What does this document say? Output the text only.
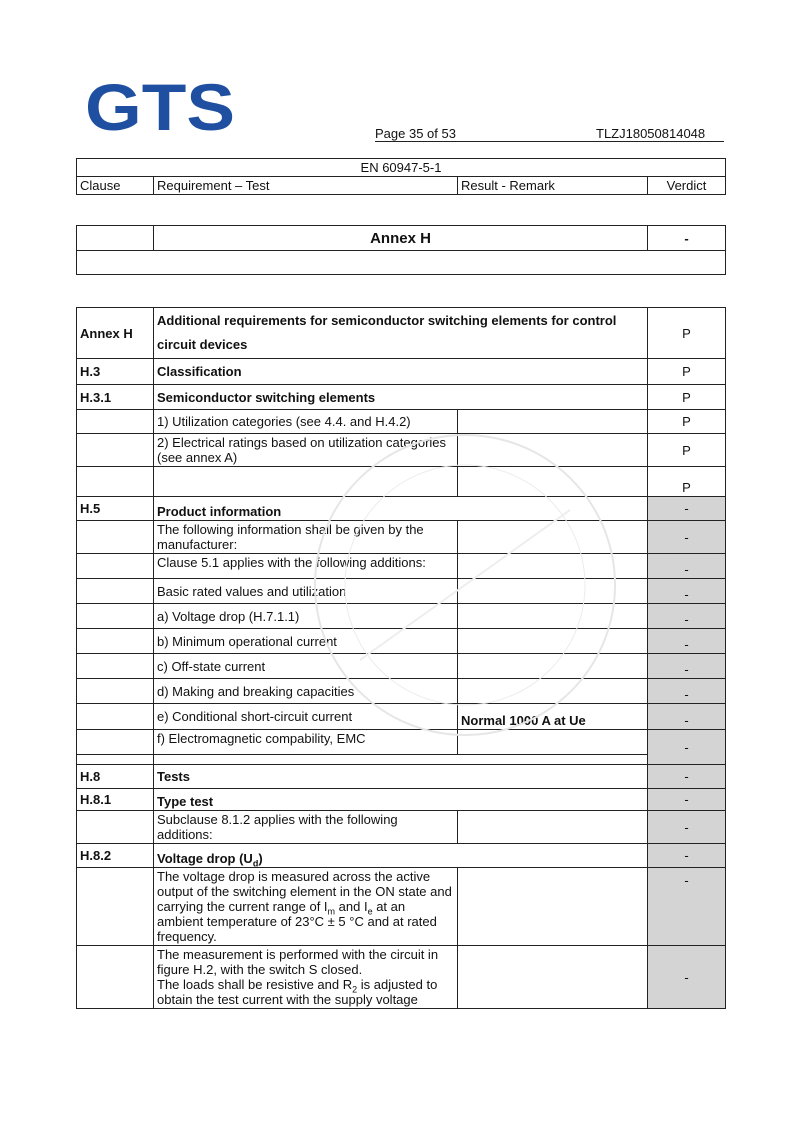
GTS	Page 35 of 53	TLZJ18050814048
EN 60947-5-1
Clause	Requirement – Test	Result - Remark	Verdict
	Annex H	-

Annex H	Additional requirements for semiconductor switching elements for control circuit devices		P
H.3	Classification		P
H.3.1	Semiconductor switching elements		P
	1) Utilization categories (see 4.4. and H.4.2)		P
	2) Electrical ratings based on utilization categories (see annex A)		P
			P
H.5	Product information		-
	The following information shall be given by the manufacturer:		-
	Clause 5.1 applies with the following additions:		-
	Basic rated values and utilization		-
	a) Voltage drop (H.7.1.1)		-
	b) Minimum operational current		-
	c) Off-state current		-
	d) Making and breaking capacities		-
	e) Conditional short-circuit current	Normal 1000 A at Ue	-
	f) Electromagnetic compability, EMC		-

H.8	Tests		-
H.8.1	Type test		-
	Subclause 8.1.2 applies with the following additions:		-
H.8.2	Voltage drop $(U_d)$		-
	The voltage drop is measured across the active output of the switching element in the ON state and carrying the current range of $I_m$ and $I_e$ at an ambient temperature of 23°C ± 5 °C and at rated frequency.		-
	The measurement is performed with the circuit in figure H.2, with the switch S closed.
The loads shall be resistive and $R_2$ is adjusted to obtain the test current with the supply voltage		-
